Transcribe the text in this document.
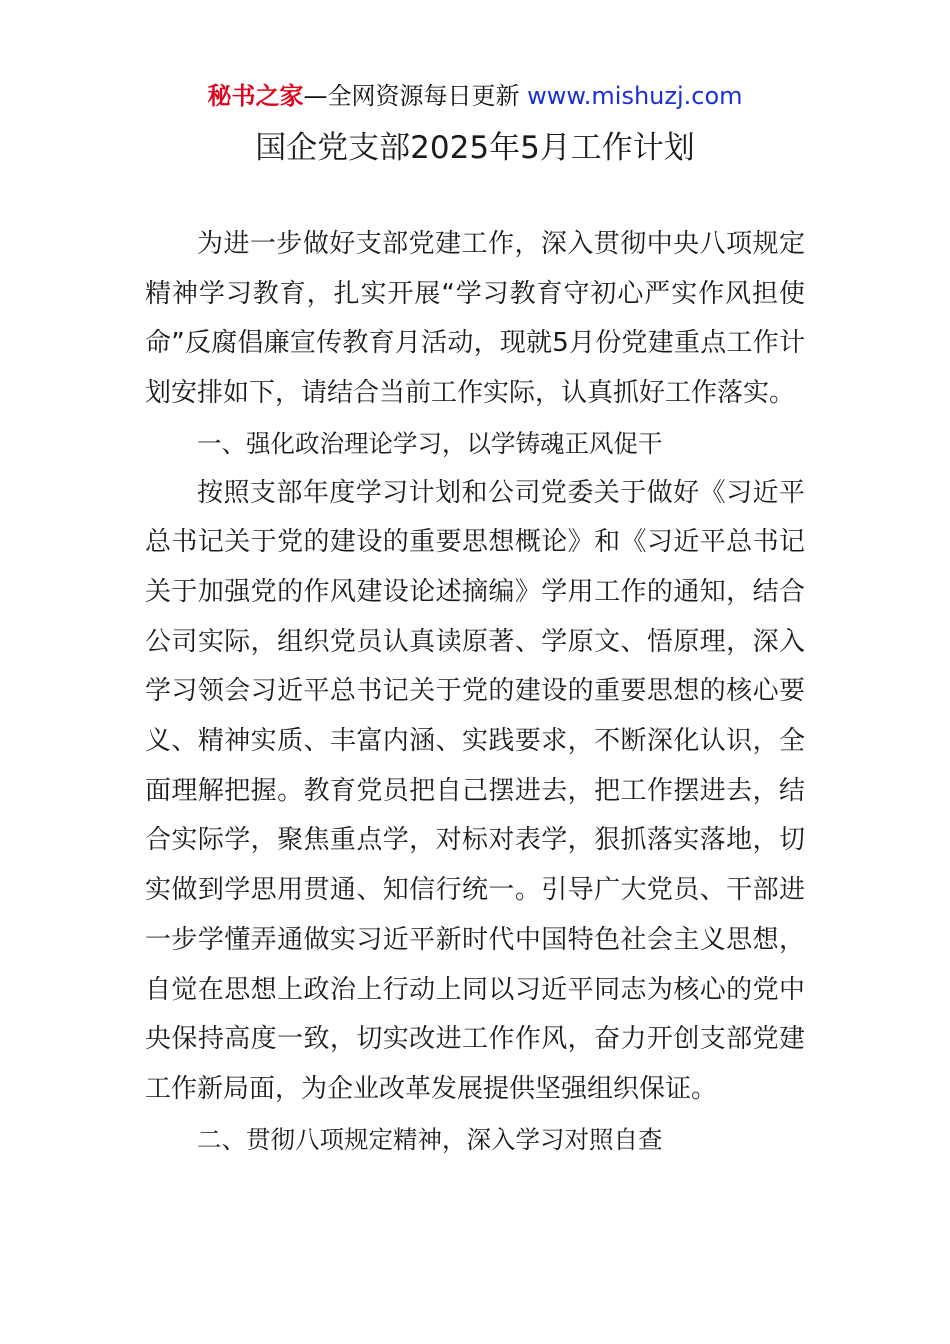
秘书之家—全网资源每日更新 www.mishuzj.com
国企党支部2025年5月工作计划

为进一步做好支部党建工作，深入贯彻中央八项规定精神学习教育，扎实开展“学习教育守初心严实作风担使命”反腐倡廉宣传教育月活动，现就5月份党建重点工作计划安排如下，请结合当前工作实际，认真抓好工作落实。

一、强化政治理论学习，以学铸魂正风促干

按照支部年度学习计划和公司党委关于做好《习近平总书记关于党的建设的重要思想概论》和《习近平总书记关于加强党的作风建设论述摘编》学用工作的通知，结合公司实际，组织党员认真读原著、学原文、悟原理，深入学习领会习近平总书记关于党的建设的重要思想的核心要义、精神实质、丰富内涵、实践要求，不断深化认识，全面理解把握。教育党员把自己摆进去，把工作摆进去，结合实际学，聚焦重点学，对标对表学，狠抓落实落地，切实做到学思用贯通、知信行统一。引导广大党员、干部进一步学懂弄通做实习近平新时代中国特色社会主义思想，自觉在思想上政治上行动上同以习近平同志为核心的党中央保持高度一致，切实改进工作作风，奋力开创支部党建工作新局面，为企业改革发展提供坚强组织保证。

二、贯彻八项规定精神，深入学习对照自查
